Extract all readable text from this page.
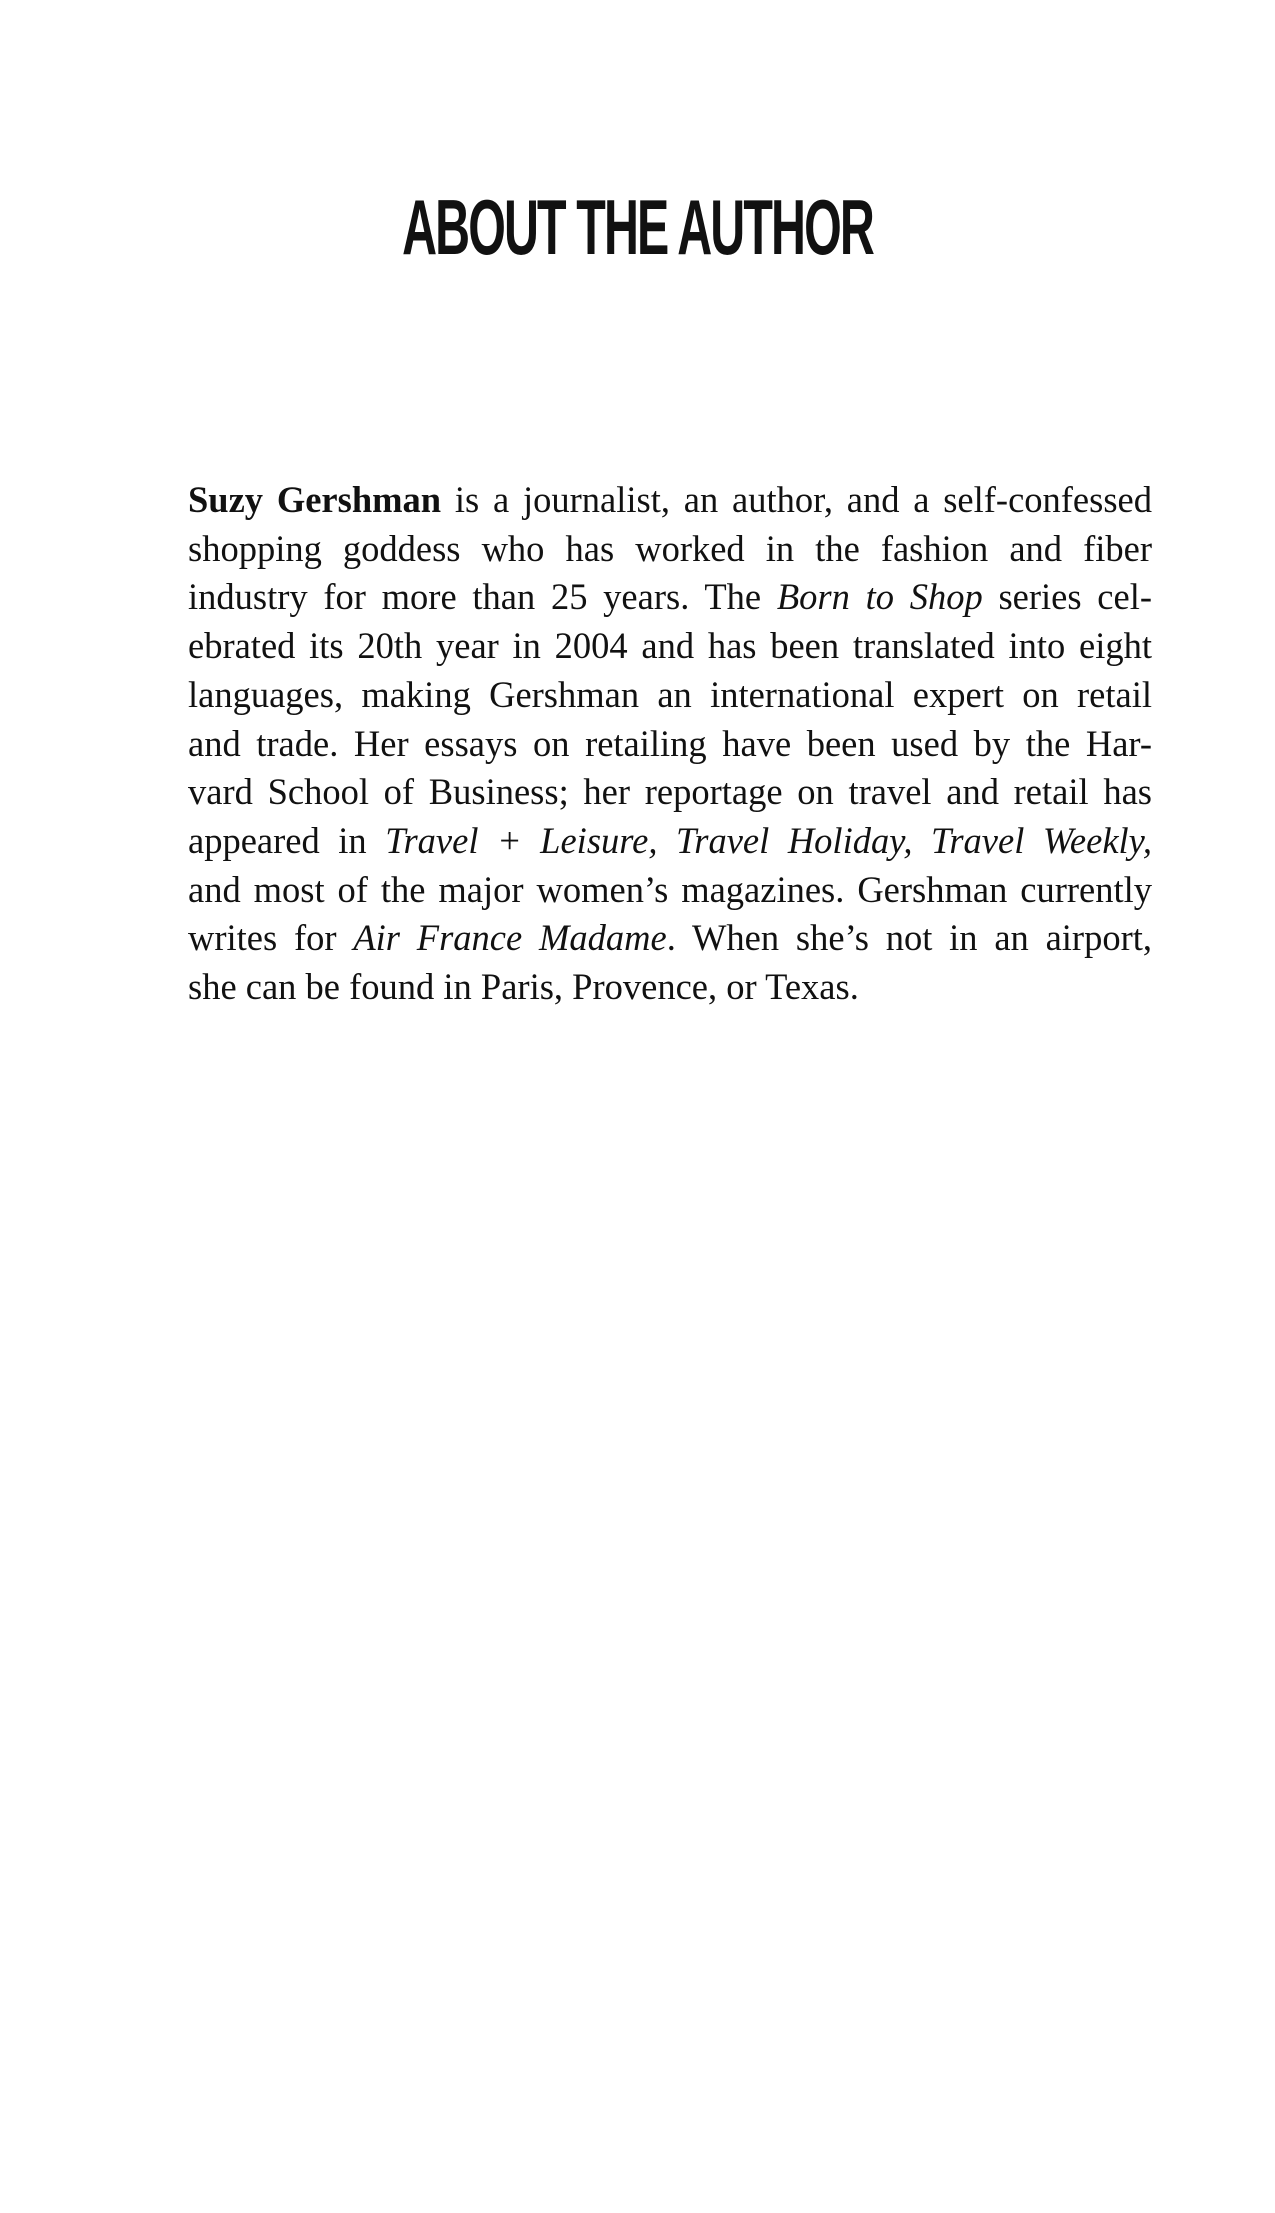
ABOUT THE AUTHOR

Suzy Gershman is a journalist, an author, and a self-confessed
shopping goddess who has worked in the fashion and fiber
industry for more than 25 years. The Born to Shop series cel-
ebrated its 20th year in 2004 and has been translated into eight
languages, making Gershman an international expert on retail
and trade. Her essays on retailing have been used by the Har-
vard School of Business; her reportage on travel and retail has
appeared in Travel + Leisure, Travel Holiday, Travel Weekly,
and most of the major women’s magazines. Gershman currently
writes for Air France Madame. When she’s not in an airport,
she can be found in Paris, Provence, or Texas.
